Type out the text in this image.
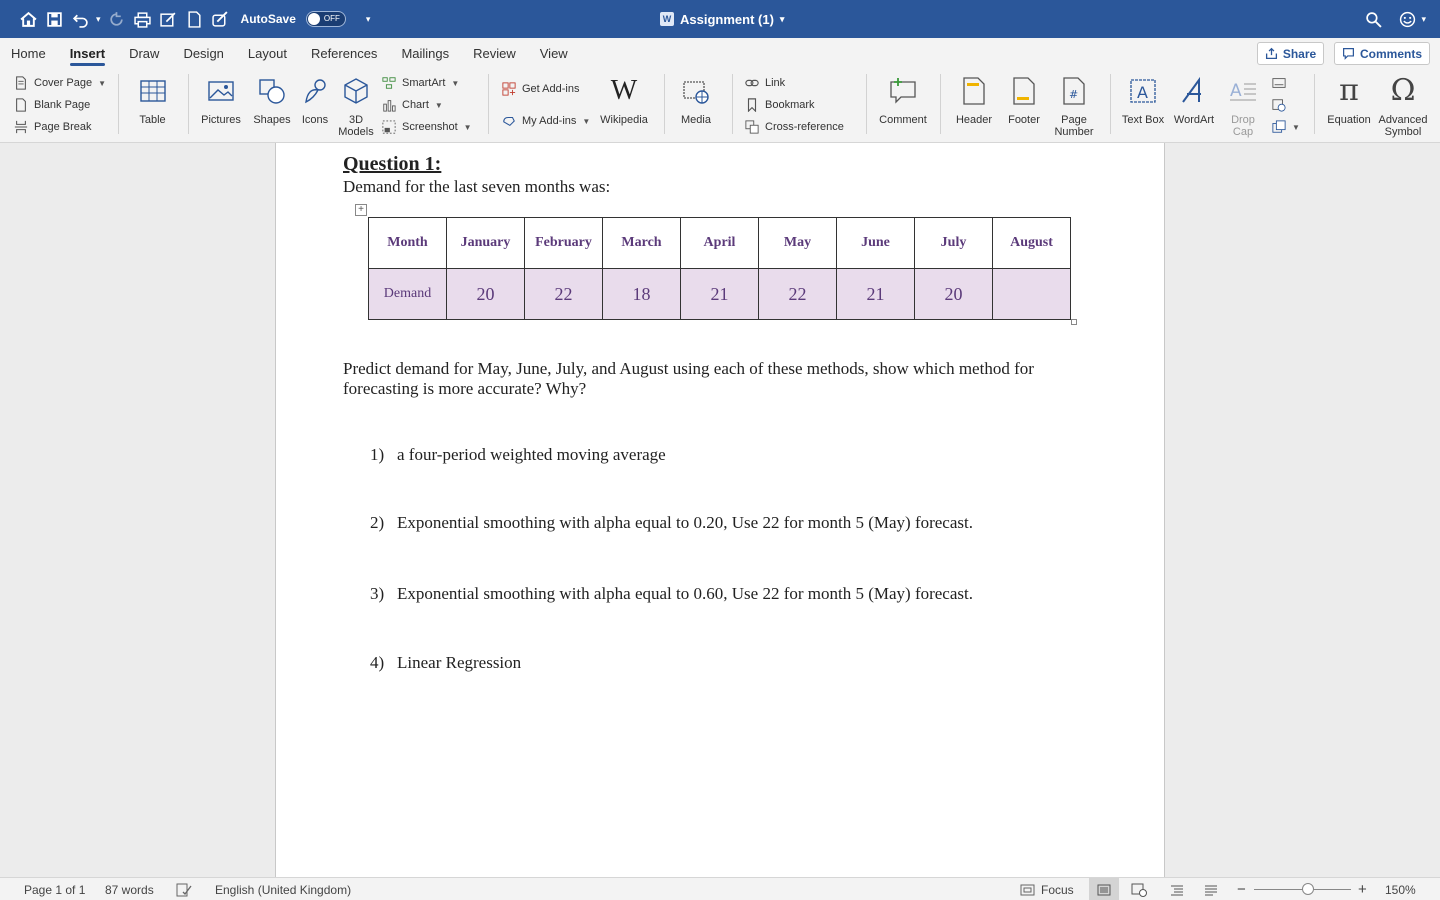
▾	AutoSave	OFF	▾	W Assignment (1) ▾	▾
Home Insert Draw Design Layout References Mailings Review View	Share	Comments
Cover Page ▼
Blank Page
Page Break
Table	Pictures Shapes Icons 3D
Models
SmartArt ▼
Chart ▼
Screenshot ▼
Get Add-ins
My Add-ins ▼
W
Wikipedia	Media
Link
Bookmark
Cross-reference
Comment	Header Footer
#
Page
Number
A
Text Box WordArt
A
Drop
Cap	▼
π
Equation
Ω
Advanced
Symbol
Question 1:
Demand for the last seven months was:
+
Month	January	February	March	April	May	June	July	August
Demand	20	22	18	21	22	21	20	
Predict demand for May, June, July, and August using each of these methods, show which method for forecasting is more accurate? Why?
1) a four-period weighted moving average
2) Exponential smoothing with alpha equal to 0.20, Use 22 for month 5 (May) forecast.
3) Exponential smoothing with alpha equal to 0.60, Use 22 for month 5 (May) forecast.
4) Linear Regression
Page 1 of 1 87 words	English (United Kingdom)	Focus	−	+ 150%
